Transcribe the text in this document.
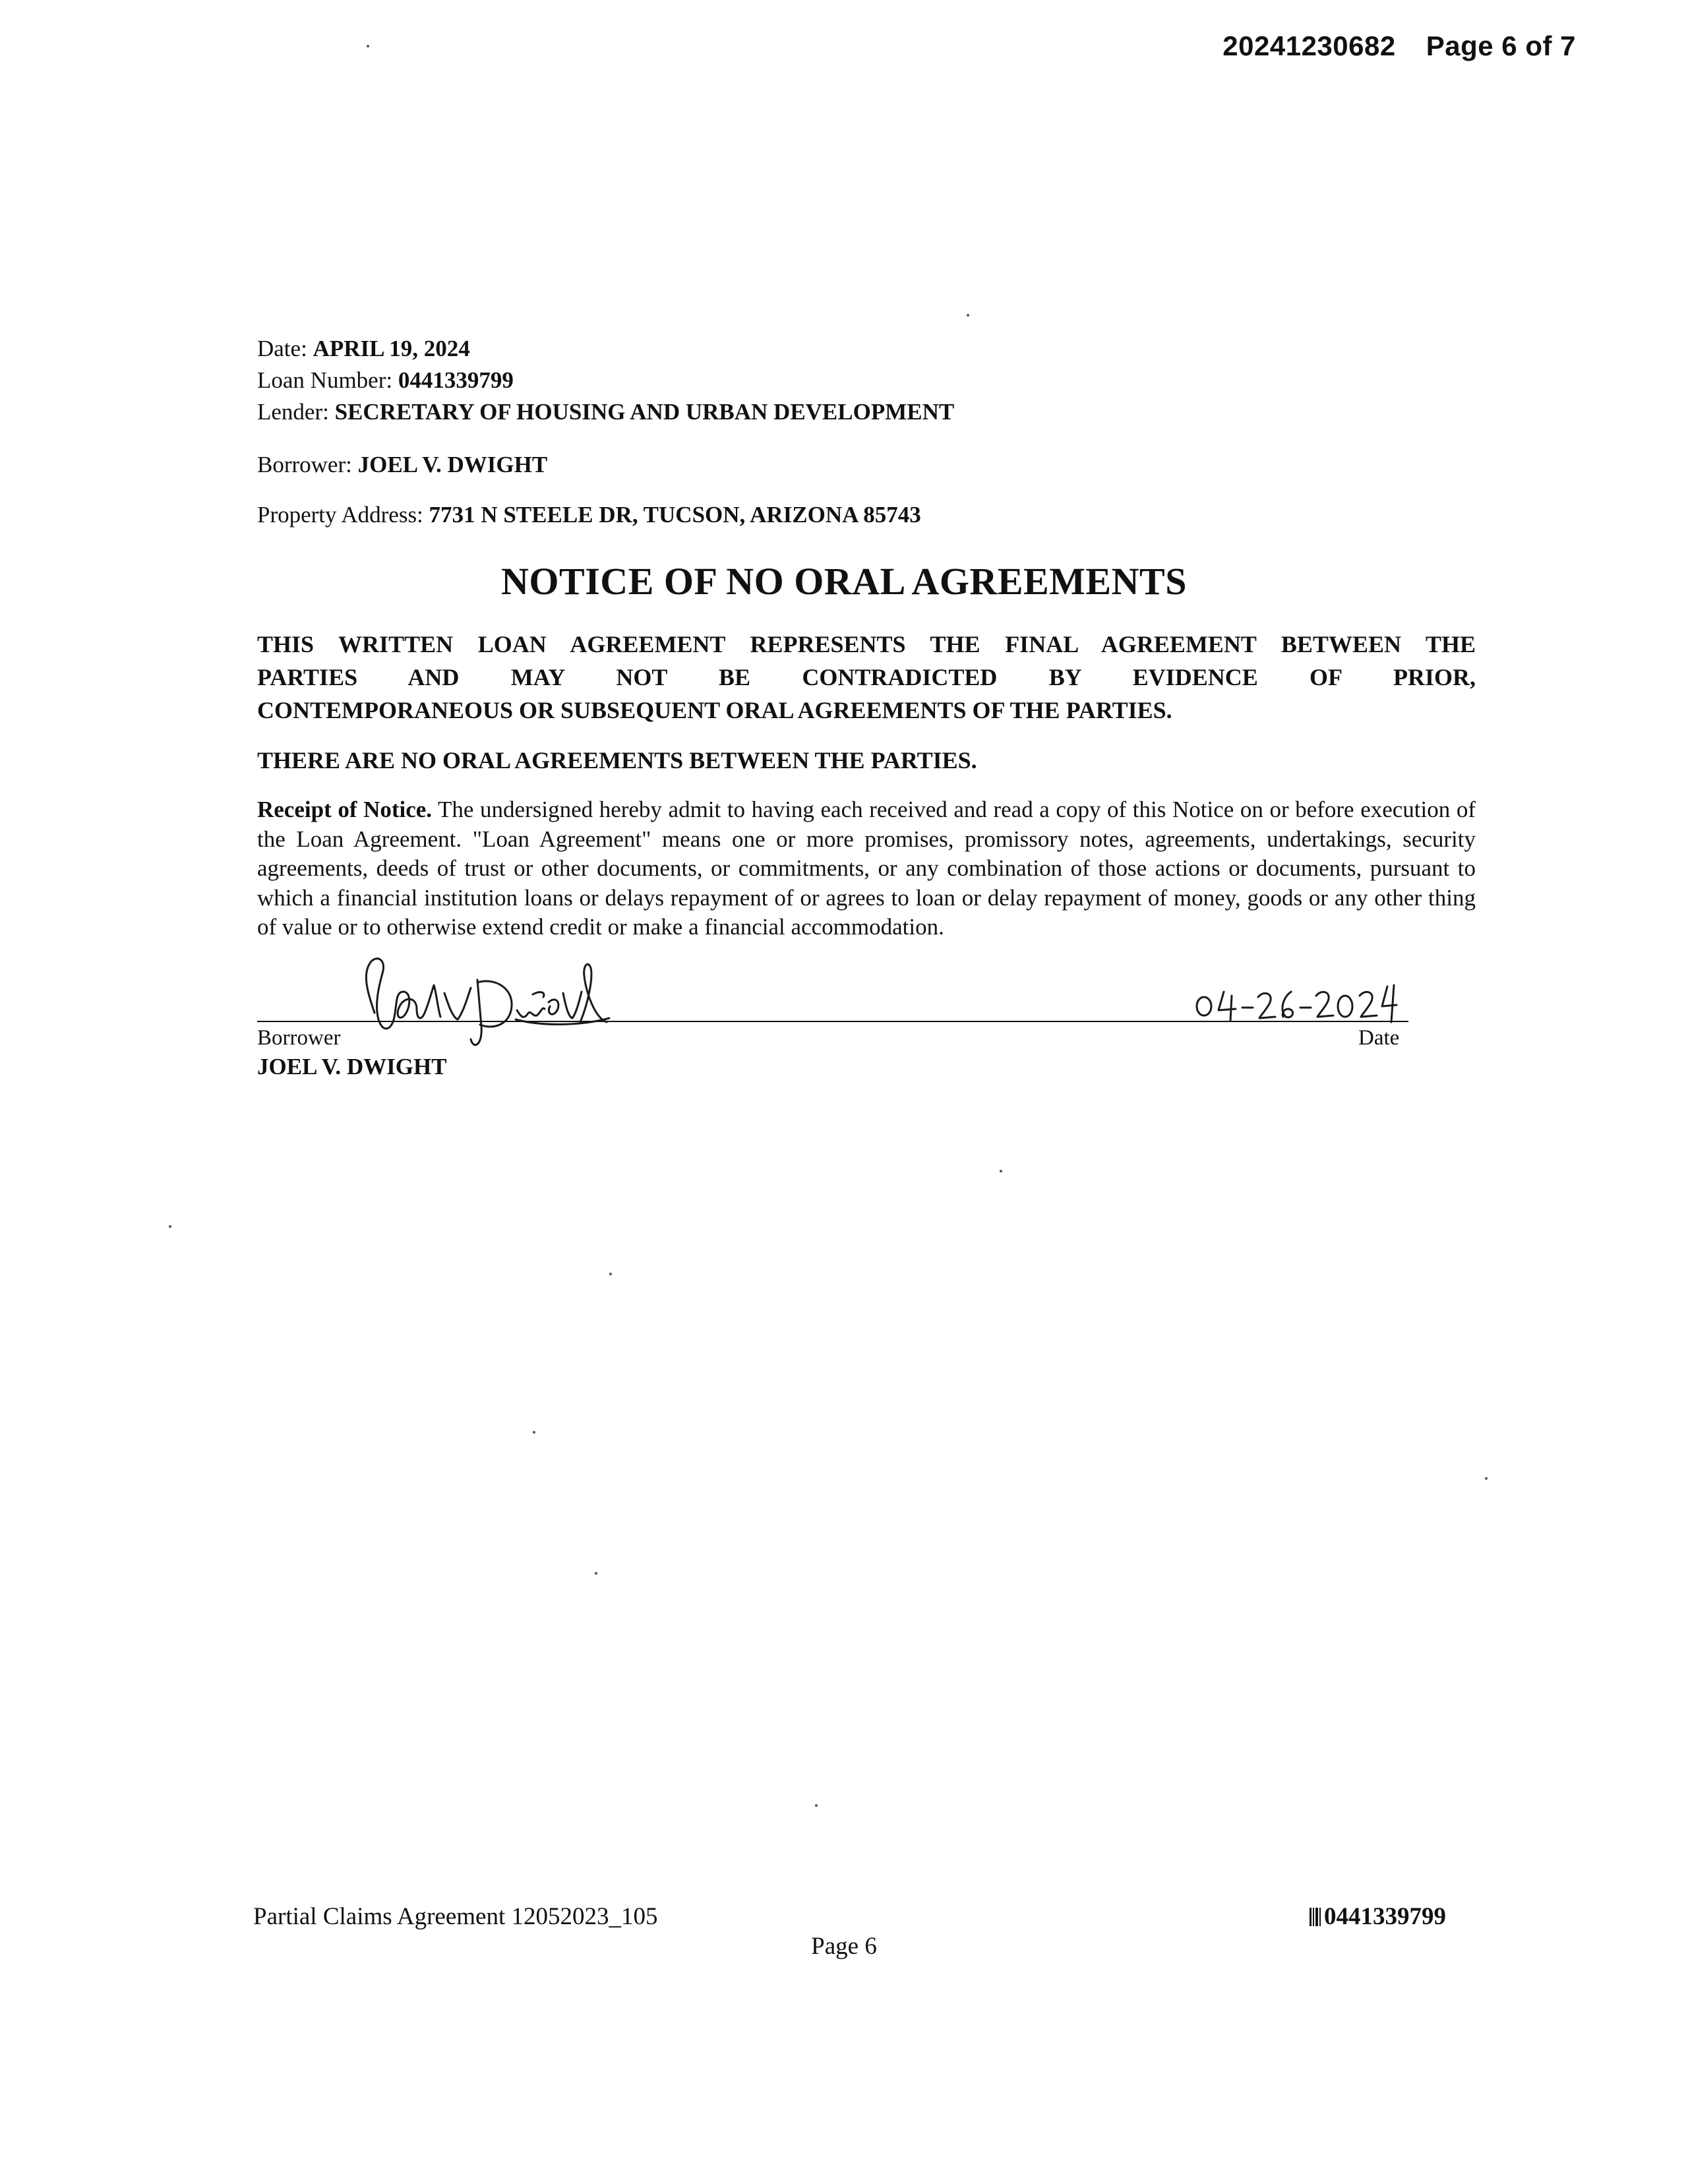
20241230682 Page 6 of 7
Date: APRIL 19, 2024
Loan Number: 0441339799
Lender: SECRETARY OF HOUSING AND URBAN DEVELOPMENT
Borrower: JOEL V. DWIGHT
Property Address: 7731 N STEELE DR, TUCSON, ARIZONA 85743
NOTICE OF NO ORAL AGREEMENTS
THIS WRITTEN LOAN AGREEMENT REPRESENTS THE FINAL AGREEMENT BETWEEN THE
PARTIES AND MAY NOT BE CONTRADICTED BY EVIDENCE OF PRIOR,
CONTEMPORANEOUS OR SUBSEQUENT ORAL AGREEMENTS OF THE PARTIES.
THERE ARE NO ORAL AGREEMENTS BETWEEN THE PARTIES.
Receipt of Notice. The undersigned hereby admit to having each received and read a copy of this Notice on or before execution of the Loan Agreement. "Loan Agreement" means one or more promises, promissory notes, agreements, undertakings, security agreements, deeds of trust or other documents, or commitments, or any combination of those actions or documents, pursuant to which a financial institution loans or delays repayment of or agrees to loan or delay repayment of money, goods or any other thing of value or to otherwise extend credit or make a financial accommodation.
Borrower	Date
JOEL V. DWIGHT
Partial Claims Agreement 12052023_105	0441339799
Page 6
